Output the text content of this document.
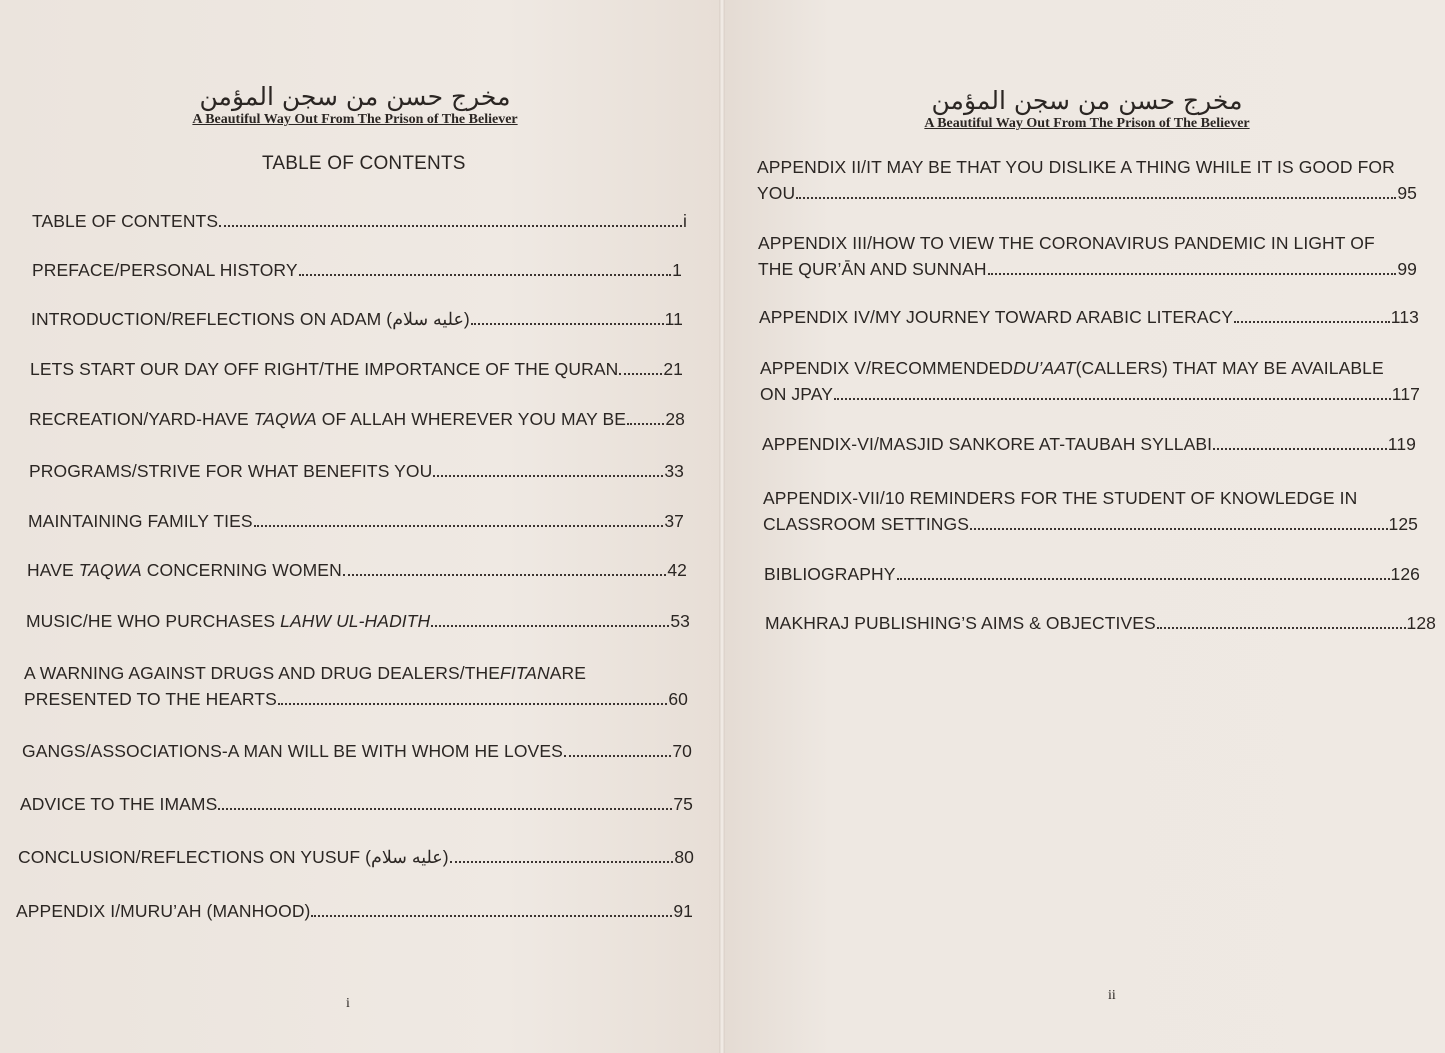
مخرج حسن من سجن المؤمن
A Beautiful Way Out From The Prison of The Believer
TABLE OF CONTENTS
TABLE OF CONTENTS	i
PREFACE/PERSONAL HISTORY	1
INTRODUCTION/REFLECTIONS ON ADAM (عليه سلام)	11
LETS START OUR DAY OFF RIGHT/THE IMPORTANCE OF THE QURAN	21
RECREATION/YARD-HAVE TAQWA OF ALLAH WHEREVER YOU MAY BE 28
PROGRAMS/STRIVE FOR WHAT BENEFITS YOU	33
MAINTAINING FAMILY TIES	37
HAVE TAQWA CONCERNING WOMEN	42
MUSIC/HE WHO PURCHASES LAHW UL-HADITH	53
A WARNING AGAINST DRUGS AND DRUG DEALERS/THE FITAN ARE
PRESENTED TO THE HEARTS	60
GANGS/ASSOCIATIONS-A MAN WILL BE WITH WHOM HE LOVES	70
ADVICE TO THE IMAMS	75
CONCLUSION/REFLECTIONS ON YUSUF (عليه سلام)	80
APPENDIX I/MURU’AH (MANHOOD)	91
i
مخرج حسن من سجن المؤمن
A Beautiful Way Out From The Prison of The Believer
APPENDIX II/IT MAY BE THAT YOU DISLIKE A THING WHILE IT IS GOOD FOR
YOU	95
APPENDIX III/HOW TO VIEW THE CORONAVIRUS PANDEMIC IN LIGHT OF
THE QUR’ĀN AND SUNNAH	99
APPENDIX IV/MY JOURNEY TOWARD ARABIC LITERACY	113
APPENDIX V/RECOMMENDED DU’AAT (CALLERS) THAT MAY BE AVAILABLE
ON JPAY	117
APPENDIX-VI/MASJID SANKORE AT-TAUBAH SYLLABI	119
APPENDIX-VII/10 REMINDERS FOR THE STUDENT OF KNOWLEDGE IN
CLASSROOM SETTINGS	125
BIBLIOGRAPHY	126
MAKHRAJ PUBLISHING’S AIMS & OBJECTIVES	128
ii
